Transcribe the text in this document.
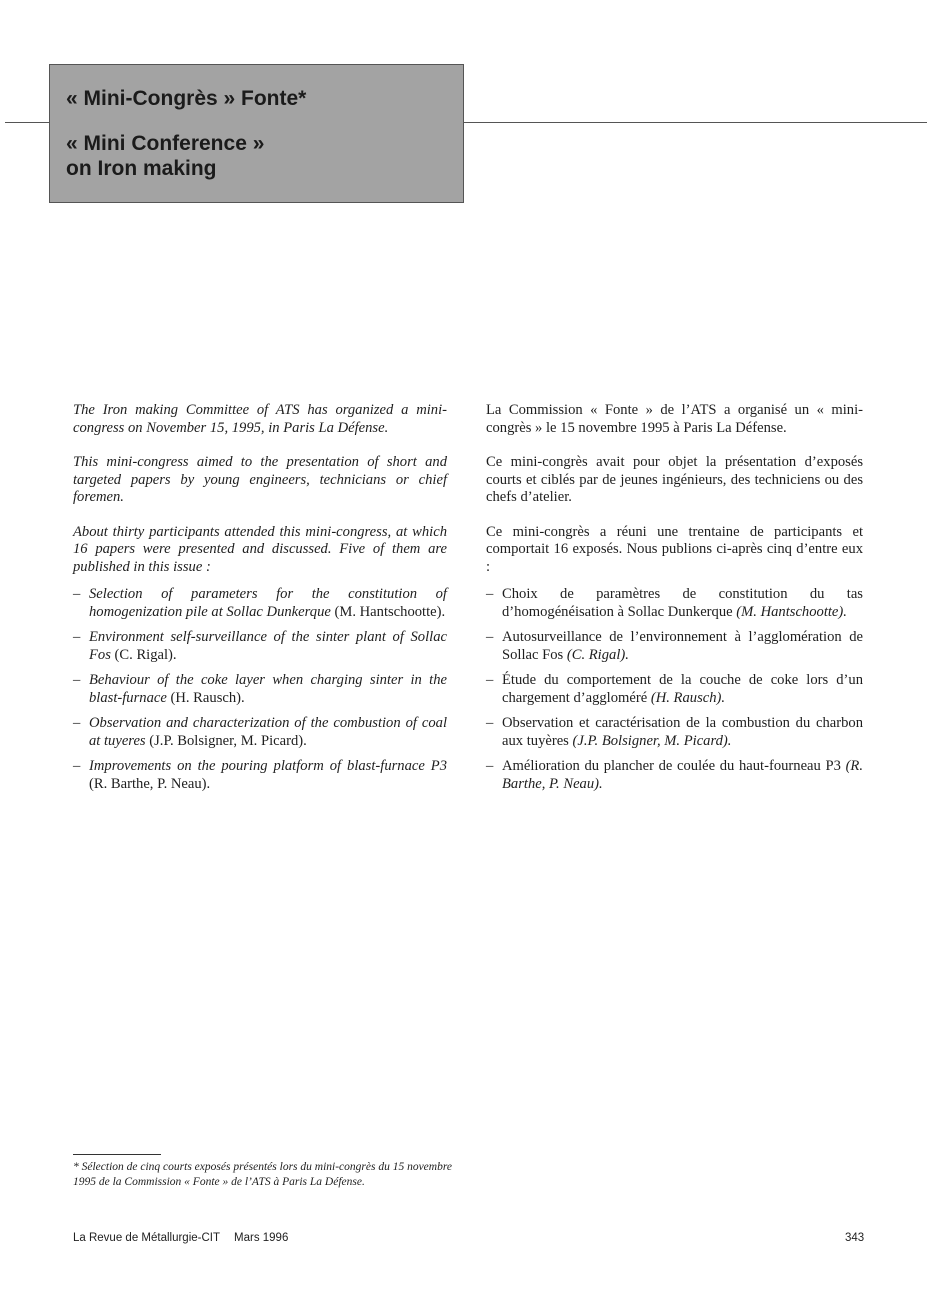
« Mini-Congrès » Fonte*
« Mini Conference »
on Iron making

The Iron making Committee of ATS has organized a mini-congress on November 15, 1995, in Paris La Défense.

This mini-congress aimed to the presentation of short and targeted papers by young engineers, technicians or chief foremen.

About thirty participants attended this mini-congress, at which 16 papers were presented and discussed. Five of them are published in this issue :

– Selection of parameters for the constitution of homogenization pile at Sollac Dunkerque (M. Hantschootte).
– Environment self-surveillance of the sinter plant of Sollac Fos (C. Rigal).
– Behaviour of the coke layer when charging sinter in the blast-furnace (H. Rausch).
– Observation and characterization of the combustion of coal at tuyeres (J.P. Bolsigner, M. Picard).
– Improvements on the pouring platform of blast-furnace P3 (R. Barthe, P. Neau).

La Commission « Fonte » de l’ATS a organisé un « mini-congrès » le 15 novembre 1995 à Paris La Défense.

Ce mini-congrès avait pour objet la présentation d’exposés courts et ciblés par de jeunes ingénieurs, des techniciens ou des chefs d’atelier.

Ce mini-congrès a réuni une trentaine de participants et comportait 16 exposés. Nous publions ci-après cinq d’entre eux :

– Choix de paramètres de constitution du tas d’homogénéisation à Sollac Dunkerque (M. Hantschootte).
– Autosurveillance de l’environnement à l’agglomération de Sollac Fos (C. Rigal).
– Étude du comportement de la couche de coke lors d’un chargement d’aggloméré (H. Rausch).
– Observation et caractérisation de la combustion du charbon aux tuyères (J.P. Bolsigner, M. Picard).
– Amélioration du plancher de coulée du haut-fourneau P3 (R. Barthe, P. Neau).
* Sélection de cinq courts exposés présentés lors du mini-congrès du 15 novembre 1995 de la Commission « Fonte » de l’ATS à Paris La Défense.
La Revue de Métallurgie-CIT Mars 1996	343
